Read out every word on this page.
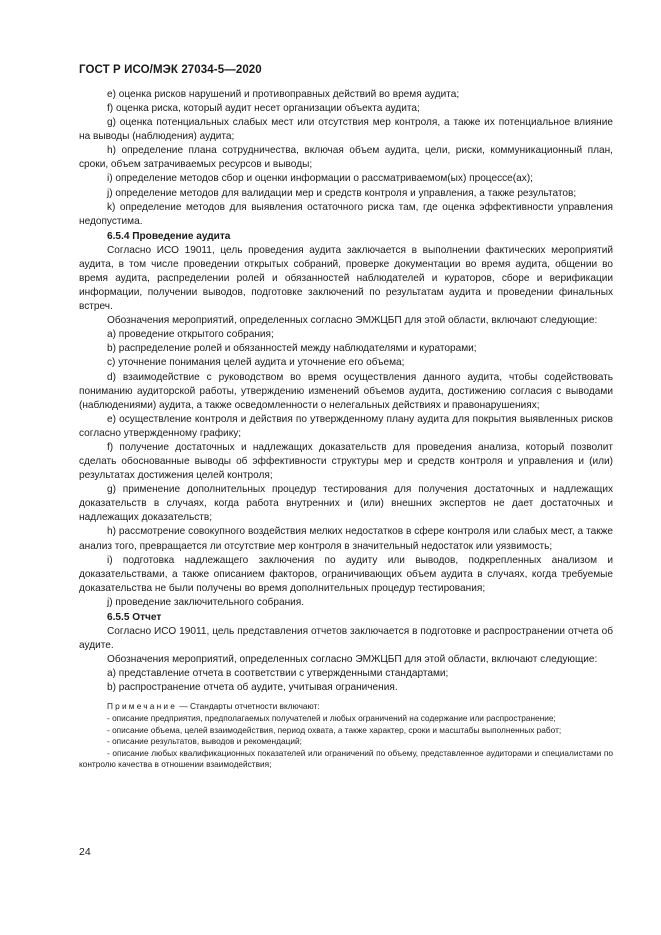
ГОСТ Р ИСО/МЭК 27034-5—2020

e) оценка рисков нарушений и противоправных действий во время аудита;

f) оценка риска, который аудит несет организации объекта аудита;

g) оценка потенциальных слабых мест или отсутствия мер контроля, а также их потенциальное влияние на выводы (наблюдения) аудита;

h) определение плана сотрудничества, включая объем аудита, цели, риски, коммуникационный план, сроки, объем затрачиваемых ресурсов и выводы;

i) определение методов сбор и оценки информации о рассматриваемом(ых) процессе(ах);

j) определение методов для валидации мер и средств контроля и управления, а также результатов;

k) определение методов для выявления остаточного риска там, где оценка эффективности управления недопустима.

6.5.4 Проведение аудита

Согласно ИСО 19011, цель проведения аудита заключается в выполнении фактических мероприятий аудита, в том числе проведении открытых собраний, проверке документации во время аудита, общении во время аудита, распределении ролей и обязанностей наблюдателей и кураторов, сборе и верификации информации, получении выводов, подготовке заключений по результатам аудита и проведении финальных встреч.

Обозначения мероприятий, определенных согласно ЭМЖЦБП для этой области, включают следующие:

a) проведение открытого собрания;

b) распределение ролей и обязанностей между наблюдателями и кураторами;

c) уточнение понимания целей аудита и уточнение его объема;

d) взаимодействие с руководством во время осуществления данного аудита, чтобы содействовать пониманию аудиторской работы, утверждению изменений объемов аудита, достижению согласия с выводами (наблюдениями) аудита, а также осведомленности о нелегальных действиях и правонарушениях;

e) осуществление контроля и действия по утвержденному плану аудита для покрытия выявленных рисков согласно утвержденному графику;

f) получение достаточных и надлежащих доказательств для проведения анализа, который позволит сделать обоснованные выводы об эффективности структуры мер и средств контроля и управления и (или) результатах достижения целей контроля;

g) применение дополнительных процедур тестирования для получения достаточных и надлежащих доказательств в случаях, когда работа внутренних и (или) внешних экспертов не дает достаточных и надлежащих доказательств;

h) рассмотрение совокупного воздействия мелких недостатков в сфере контроля или слабых мест, а также анализ того, превращается ли отсутствие мер контроля в значительный недостаток или уязвимость;

i) подготовка надлежащего заключения по аудиту или выводов, подкрепленных анализом и доказательствами, а также описанием факторов, ограничивающих объем аудита в случаях, когда требуемые доказательства не были получены во время дополнительных процедур тестирования;

j) проведение заключительного собрания.

6.5.5 Отчет

Согласно ИСО 19011, цель представления отчетов заключается в подготовке и распространении отчета об аудите.

Обозначения мероприятий, определенных согласно ЭМЖЦБП для этой области, включают следующие:

a) представление отчета в соответствии с утвержденными стандартами;

b) распространение отчета об аудите, учитывая ограничения.

Примечание — Стандарты отчетности включают:

- описание предприятия, предполагаемых получателей и любых ограничений на содержание или распространение;

- описание объема, целей взаимодействия, период охвата, а также характер, сроки и масштабы выполненных работ;

- описание результатов, выводов и рекомендаций;

- описание любых квалификационных показателей или ограничений по объему, представленное аудиторами и специалистами по контролю качества в отношении взаимодействия;

24
